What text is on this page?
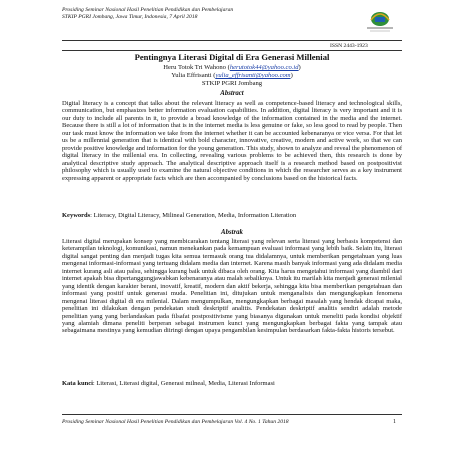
Prosiding Seminar Nasional Hasil Penelitian Pendidikan dan Pembelajaran
STKIP PGRI Jombang, Jawa Timur, Indonesia, 7 April 2018
ISSN 2443-1923
Pentingnya Literasi Digital di Era Generasi Millenial
Heru Totok Tri Wahono (herutotok44@yahoo.co.id)
Yulia Effrisanti (yulia_effrisanti@yahoo.com)
STKIP PGRI Jombang
Abstract

Digital literacy is a concept that talks about the relevant literacy as well as competence-based literacy and technological skills, communication, but emphasizes better information evaluation capabilities. In addition, digital literacy is very important and it is our duty to include all parents in it, to provide a broad knowledge of the information contained in the media and the internet. Because there is still a lot of information that is in the internet media is less genuine or fake, so less good to read by people. Then our task must know the information we take from the internet whether it can be accounted kebenaranya or vice versa. For that let us be a millennial generation that is identical with bold character, innovative, creative, modern and active work, so that we can provide positive knowledge and information for the young generation. This study, shown to analyze and reveal the phenomenon of digital literacy in the millenial era. In collecting, revealing various problems to be achieved then, this research is done by analytical descriptive study approach. The analytical descriptive approach itself is a research method based on postpositivist philosophy which is usually used to examine the natural objective conditions in which the researcher serves as a key instrument expressing apparent or appropriate facts which are then accompanied by conclusions based on the historical facts.

Keywords: Literacy, Digital Literacy, Milineal Generation, Media, Information Literation

Abstrak

Literasi digital merupakan konsep yang membicarakan tentang literasi yang relevan serta literasi yang berbasis kompetensi dan keterampilan teknologi, komunikasi, namun menekankan pada kemampuan evaluasi informasi yang lebih baik. Selain itu, literasi digital sangat penting dan menjadi tugas kita semua termasuk orang tua didalamnya, untuk memberikan pengetahuan yang luas mengenai informasi-informasi yang tertuang didalam media dan internet. Karena masih banyak informasi yang ada didalam media internet kurang asli atau palsu, sehingga kurang baik untuk dibaca oleh orang. Kita harus mengetahui informasi yang diambil dari internet apakah bisa dipertanggungjawabkan kebenaranya atau malah sebaliknya. Untuk itu marilah kita menjadi generasi milenial yang identik dengan karakter berani, inovatif, kreatif, modern dan aktif bekerja, sehingga kita bisa memberikan pengetahuan dan informasi yang positif untuk generasi muda. Penelitian ini, ditujukan untuk menganalisis dan mengungkapkan fenomena mengenai literasi digital di era milenial. Dalam mengumpulkan, mengungkapkan berbagai masalah yang hendak dicapai maka, penelitian ini dilakukan dengan pendekatan studi deskriptif analitis. Pendekatan deskriptif analitis sendiri adalah metode penelitian yang yang berlandaskan pada filsafat postpositivisme yang biasanya digunakan untuk meneliti pada kondisi objektif yang alamiah dimana peneliti berperan sebagai instrumen kunci yang mengungkapkan berbagai fakta yang tampak atau sebagaimana mestinya yang kemudian diiringi dengan upaya pengambilan kesimpulan berdasarkan fakta-fakta historis tersebut.

Kata kunci: Literasi, Literasi digital, Generasi milneal, Media, Literasi Informasi

Prosiding Seminar Nasional Hasil Penelitian Pendidikan dan Pembelajaran Vol. 4 No. 1 Tahun 2018	1
